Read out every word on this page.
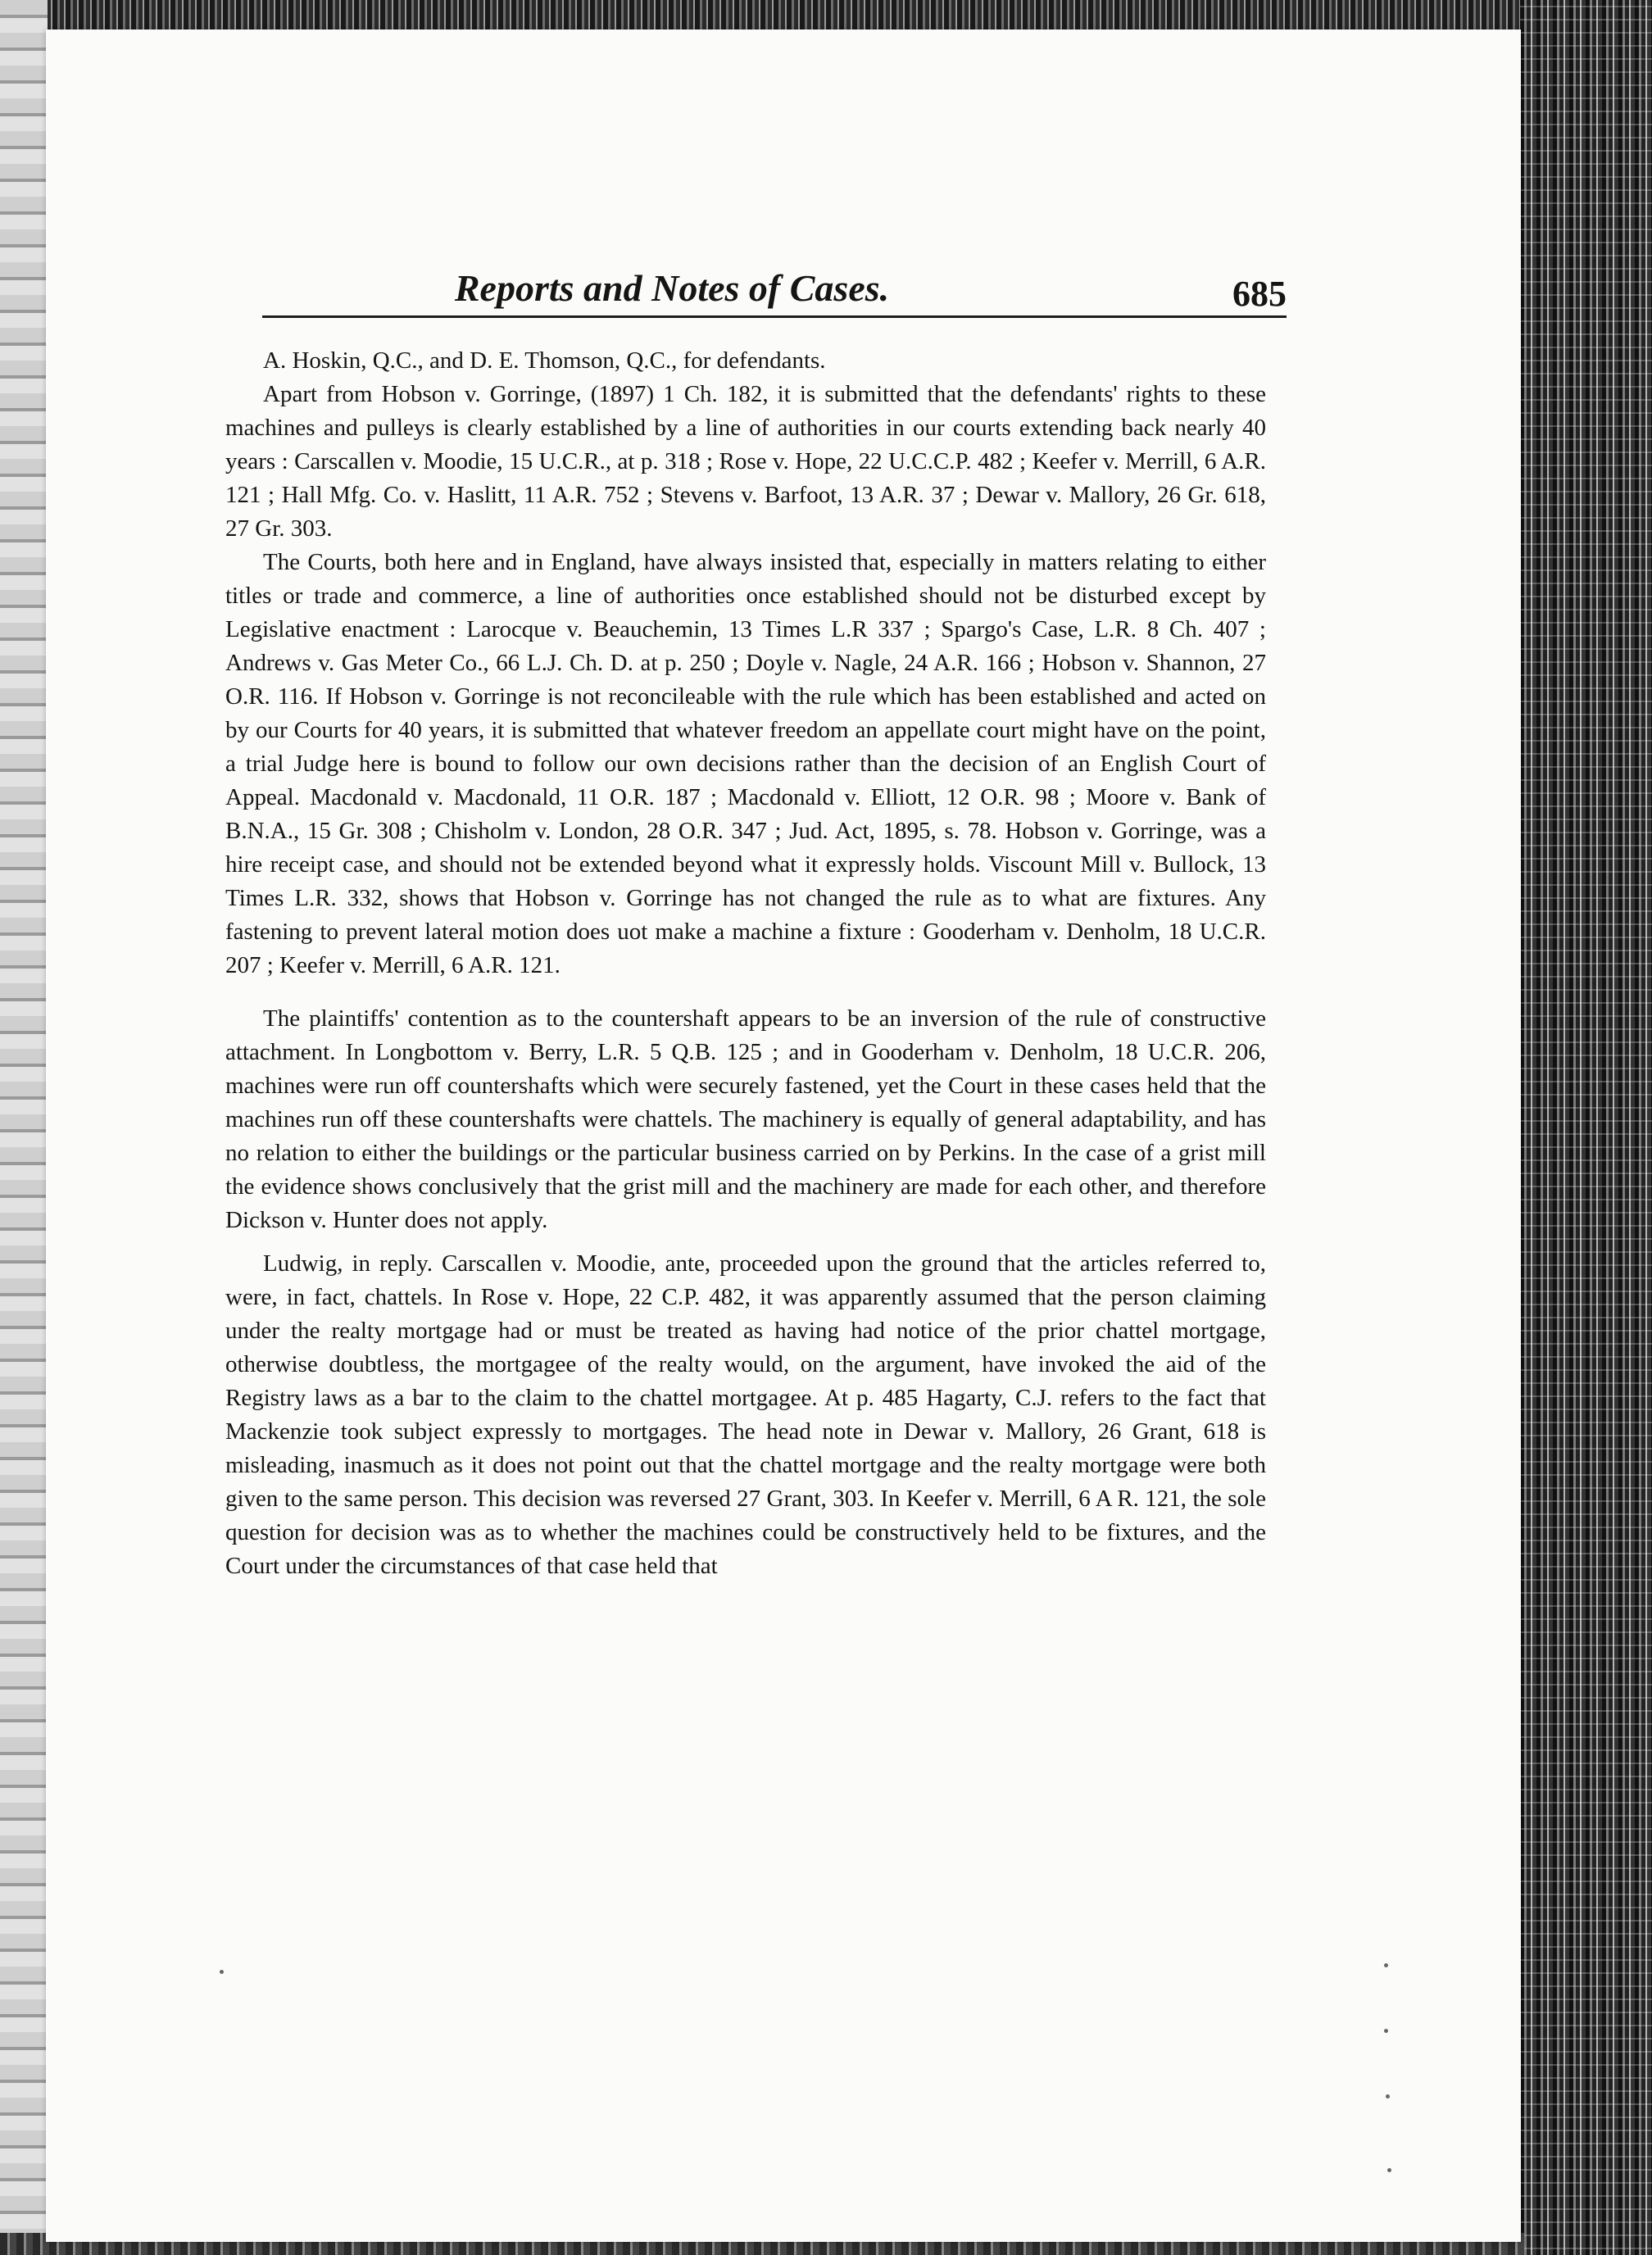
Reports and Notes of Cases.	685

A. ⁠Hoskin, Q.C., and D. E. Thomson, Q.C., for defendants.

Apart from Hobson v. Gorringe, (1897) 1 Ch. 182, it is submitted that the defendants' rights to these machines and pulleys is clearly established by a line of authorities in our courts extending back nearly 40 years : Carscallen v. Moodie, 15 U.C.R., at p. 318 ; Rose v. Hope, 22 U.C.C.P. 482 ; Keefer v. Merrill, 6 A.R. 121 ; Hall Mfg. Co. v. Haslitt, 11 A.R. 752 ; Stevens v. Barfoot, 13 A.R. 37 ; Dewar v. Mallory, 26 Gr. 618, 27 Gr. 303.

The Courts, both here and in England, have always insisted that, especially in matters relating to either titles or trade and commerce, a line of authorities once established should not be disturbed except by Legislative enactment : Larocque v. Beauchemin, 13 Times L.R 337 ; Spargo's Case, L.R. 8 Ch. 407 ; Andrews v. Gas Meter Co., 66 L.J. Ch. D. at p. 250 ; Doyle v. Nagle, 24 A.R. 166 ; Hobson v. Shannon, 27 O.R. 116. If Hobson v. Gorringe is not reconcileable with the rule which has been established and acted on by our Courts for 40 years, it is submitted that whatever freedom an appellate court might have on the point, a trial Judge here is bound to follow our own decisions rather than the decision of an English Court of Appeal. Macdonald v. Macdonald, 11 O.R. 187 ; Macdonald v. Elliott, 12 O.R. 98 ; Moore v. Bank of B.N.A., 15 Gr. 308 ; Chisholm v. London, 28 O.R. 347 ; Jud. Act, 1895, s. 78. Hobson v. Gorringe, was a hire receipt case, and should not be extended beyond what it expressly holds. Viscount Mill v. Bullock, 13 Times L.R. 332, shows that Hobson v. Gorringe has not changed the rule as to what are fixtures. Any fastening to prevent lateral motion does uot make a machine a fixture : Gooderham v. Denholm, 18 U.C.R. 207 ; Keefer v. Merrill, 6 A.R. 121.

The plaintiffs' contention as to the countershaft appears to be an inversion of the rule of constructive attachment. In Longbottom v. Berry, L.R. 5 Q.B. 125 ; and in Gooderham v. Denholm, 18 U.C.R. 206, machines were run off countershafts which were securely fastened, yet the Court in these cases held that the machines run off these countershafts were chattels. The machinery is equally of general adaptability, and has no relation to either the buildings or the particular business carried on by Perkins. In the case of a grist mill the evidence shows conclusively that the grist mill and the machinery are made for each other, and therefore Dickson v. Hunter does not apply.

Ludwig, in reply. Carscallen v. Moodie, ante, proceeded upon the ground that the articles referred to, were, in fact, chattels. In Rose v. Hope, 22 C.P. 482, it was apparently assumed that the person claiming under the realty mortgage had or must be treated as having had notice of the prior chattel mortgage, otherwise doubtless, the mortgagee of the realty would, on the argument, have invoked the aid of the Registry laws as a bar to the claim to the chattel mortgagee. At p. 485 Hagarty, C.J. refers to the fact that Mackenzie took subject expressly to mortgages. The head note in Dewar v. Mallory, 26 Grant, 618 is misleading, inasmuch as it does not point out that the chattel mortgage and the realty mortgage were both given to the same person. This decision was reversed 27 Grant, 303. In Keefer v. Merrill, 6 A R. 121, the sole question for decision was as to whether the machines could be constructively held to be fixtures, and the Court under the circumstances of that case held that
